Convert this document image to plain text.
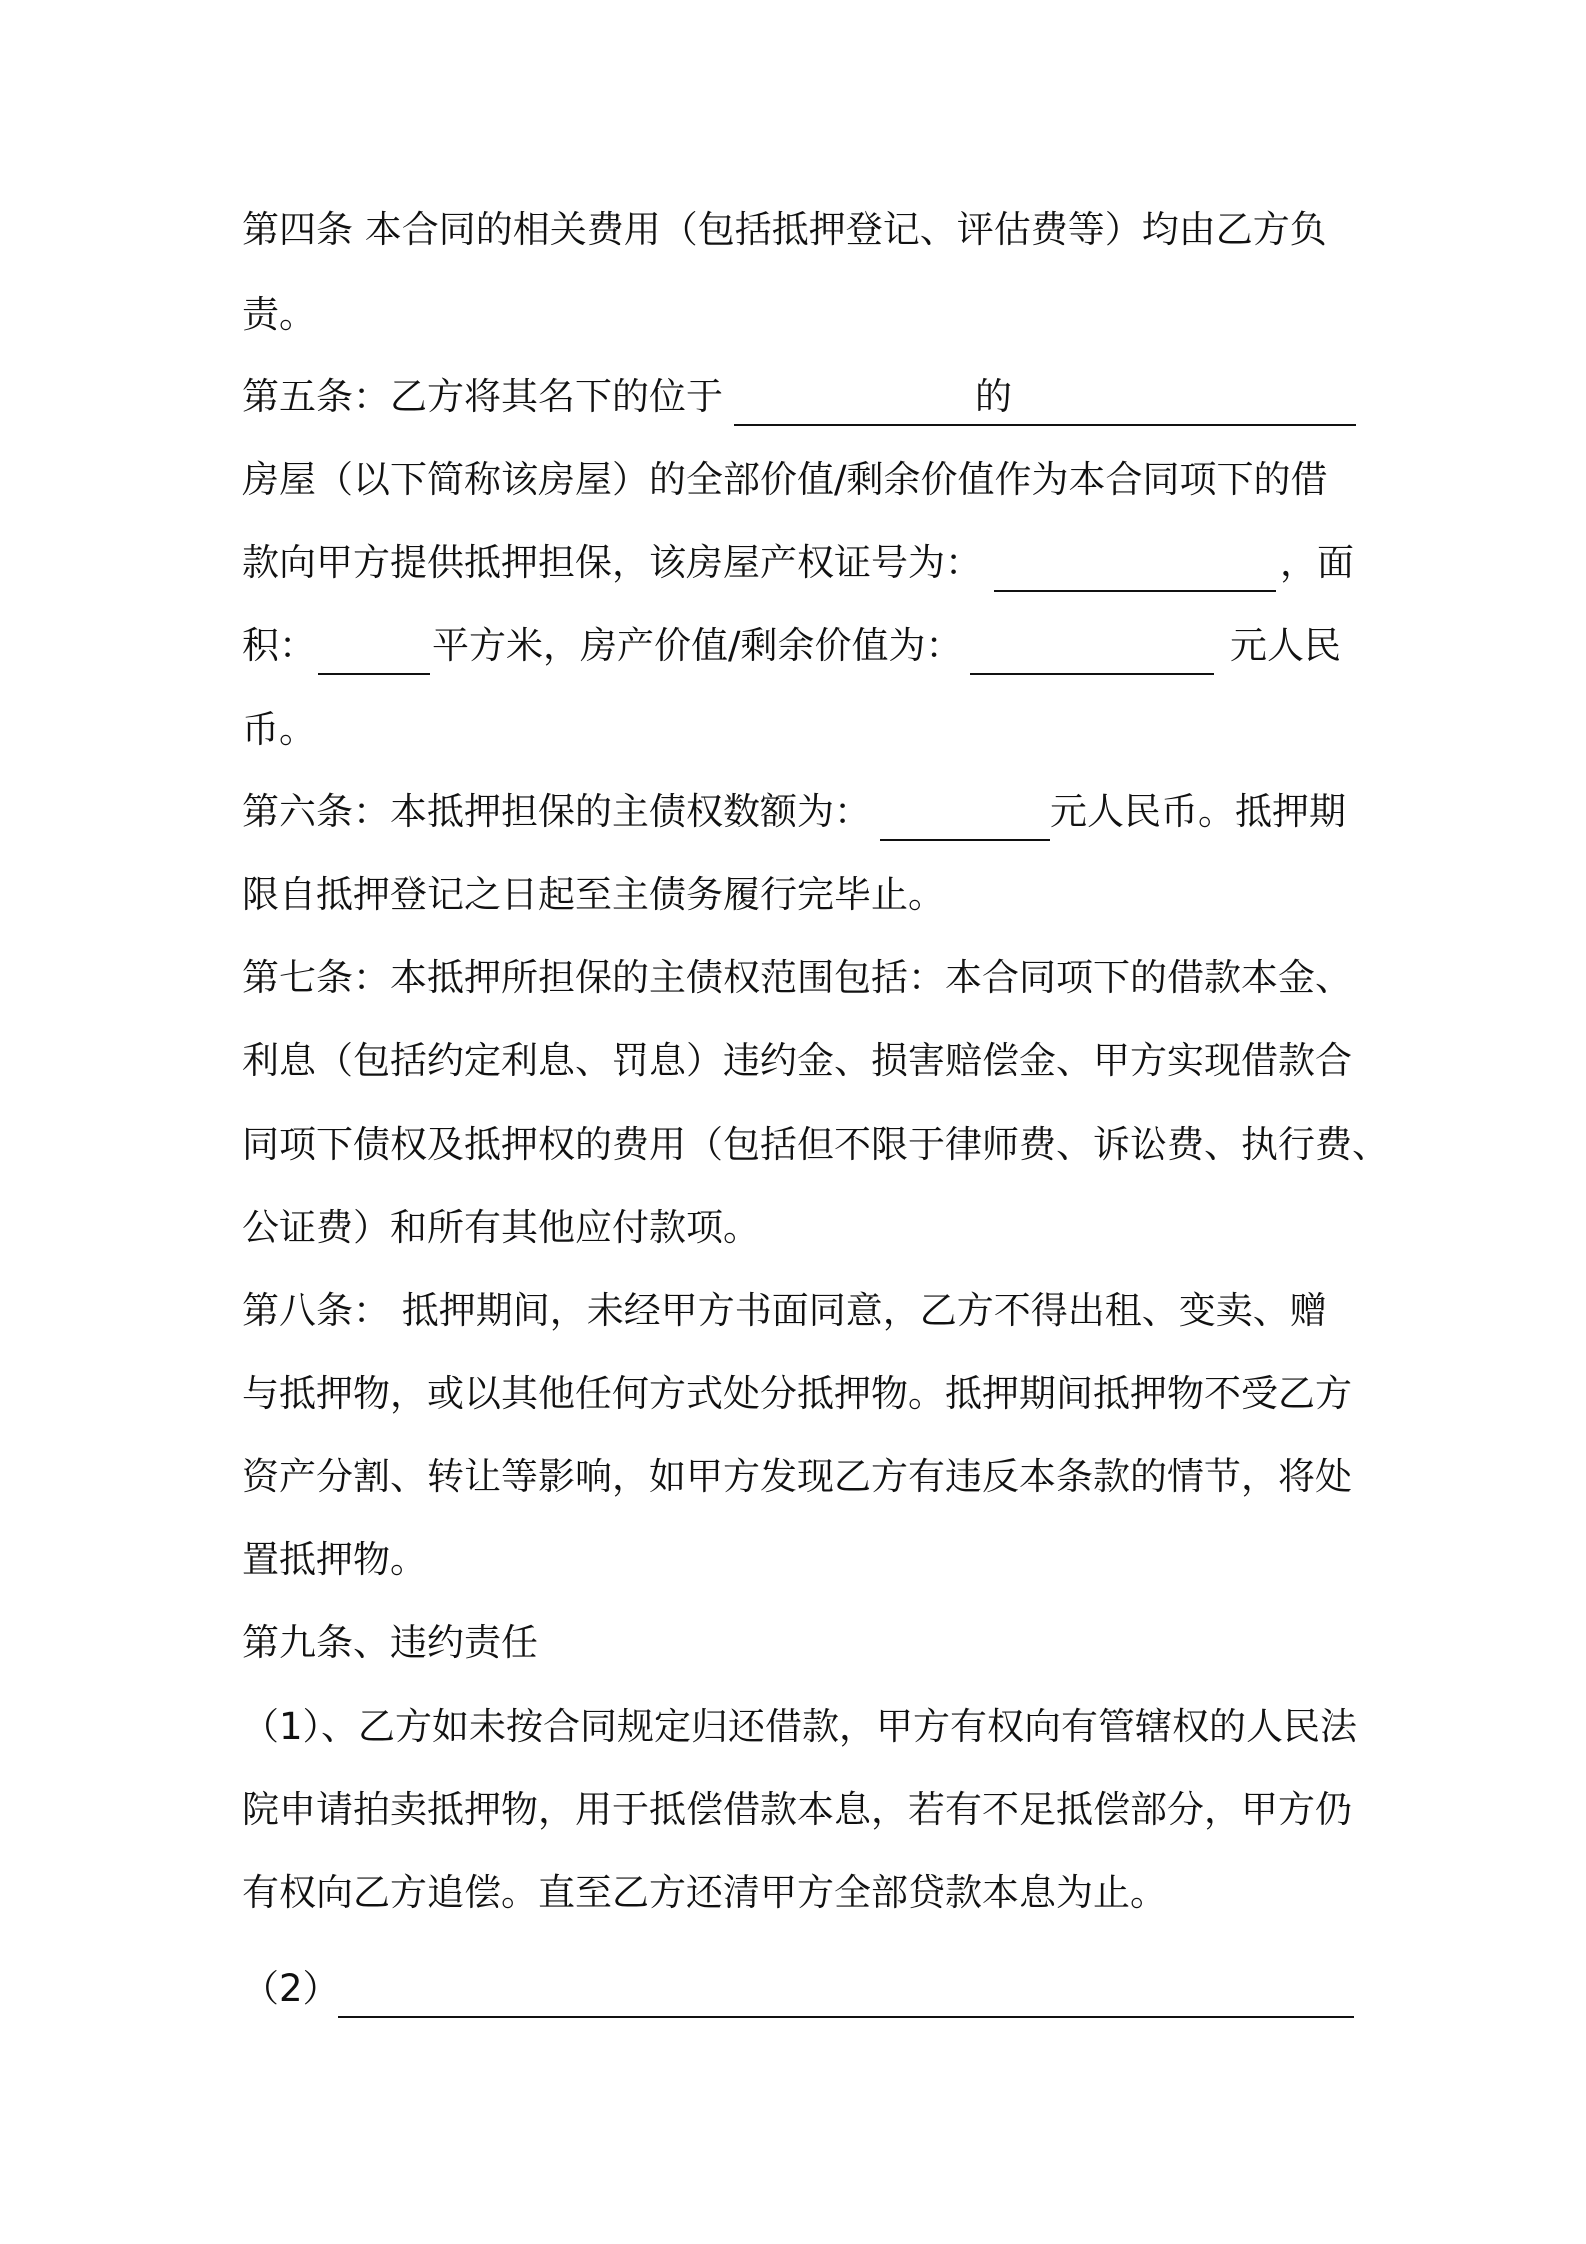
第四条 本合同的相关费用（包括抵押登记、评估费等）均由乙方负
责。
第五条：乙方将其名下的位于	的
房屋（以下简称该房屋）的全部价值/剩余价值作为本合同项下的借
款向甲方提供抵押担保，该房屋产权证号为：	，面
积：	平方米，房产价值/剩余价值为：	元人民
币。
第六条：本抵押担保的主债权数额为：	元人民币。抵押期
限自抵押登记之日起至主债务履行完毕止。
第七条：本抵押所担保的主债权范围包括：本合同项下的借款本金、
利息（包括约定利息、罚息）违约金、损害赔偿金、甲方实现借款合
同项下债权及抵押权的费用（包括但不限于律师费、诉讼费、执行费、
公证费）和所有其他应付款项。
第八条： 抵押期间，未经甲方书面同意，乙方不得出租、变卖、赠
与抵押物，或以其他任何方式处分抵押物。抵押期间抵押物不受乙方
资产分割、转让等影响，如甲方发现乙方有违反本条款的情节，将处
置抵押物。
第九条、违约责任
（1）、乙方如未按合同规定归还借款，甲方有权向有管辖权的人民法
院申请拍卖抵押物，用于抵偿借款本息，若有不足抵偿部分，甲方仍
有权向乙方追偿。直至乙方还清甲方全部贷款本息为止。
（2）
